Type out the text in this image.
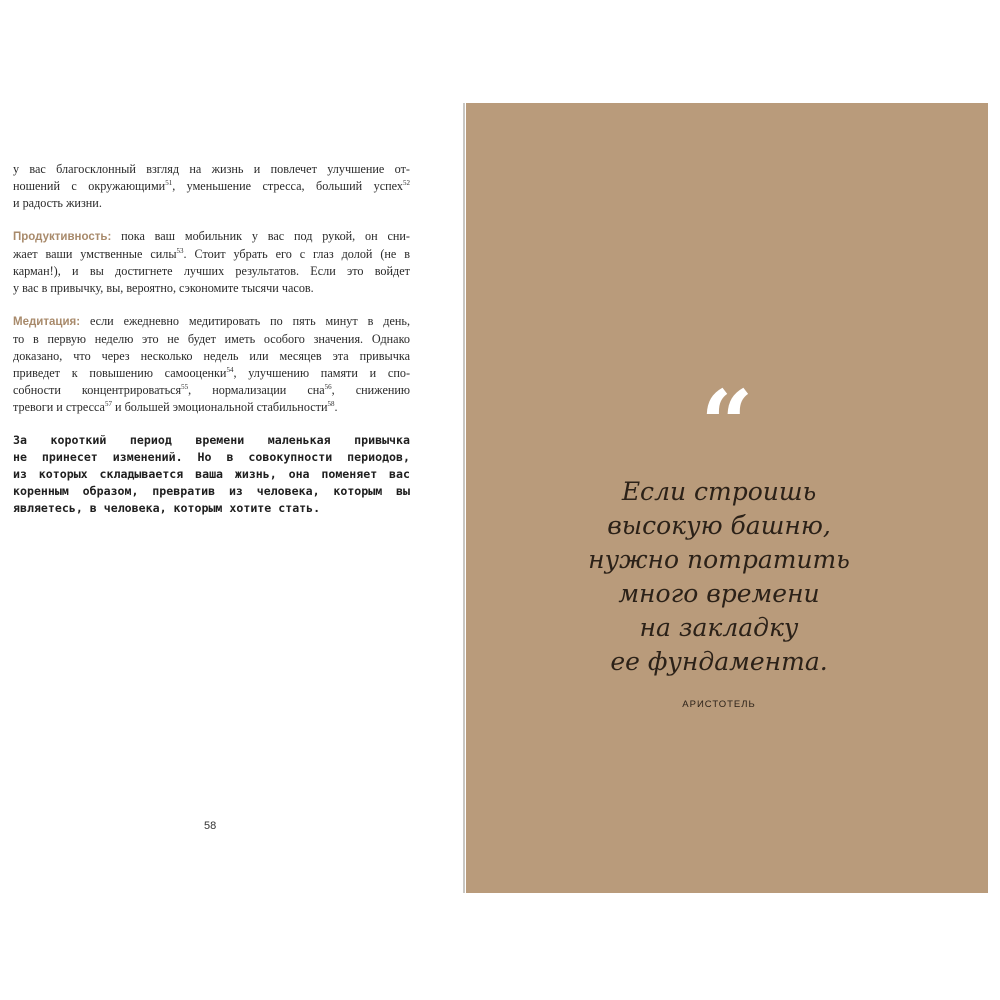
у вас благосклонный взгляд на жизнь и повлечет улучшение от-
ношений с окружающими$^{51}$, уменьшение стресса, больший успех$^{52}$
и радость жизни.
Продуктивность: пока ваш мобильник у вас под рукой, он сни-
жает ваши умственные силы$^{53}$. Стоит убрать его с глаз долой (не в
карман!), и вы достигнете лучших результатов. Если это войдет
у вас в привычку, вы, вероятно, сэкономите тысячи часов.
Медитация: если ежедневно медитировать по пять минут в день,
то в первую неделю это не будет иметь особого значения. Однако
доказано, что через несколько недель или месяцев эта привычка
приведет к повышению самооценки$^{54}$, улучшению памяти и спо-
собности концентрироваться$^{55}$, нормализации сна$^{56}$, снижению
тревоги и стресса$^{57}$ и большей эмоциональной стабильности$^{58}$.
За короткий период времени маленькая привычка
не принесет изменений. Но в совокупности периодов,
из которых складывается ваша жизнь, она поменяет вас
коренным образом, превратив из человека, которым вы
являетесь, в человека, которым хотите стать.
58
“
Если строишь
высокую башню,
нужно потратить
много времени
на закладку
ее фундамента.
АРИСТОТЕЛЬ
